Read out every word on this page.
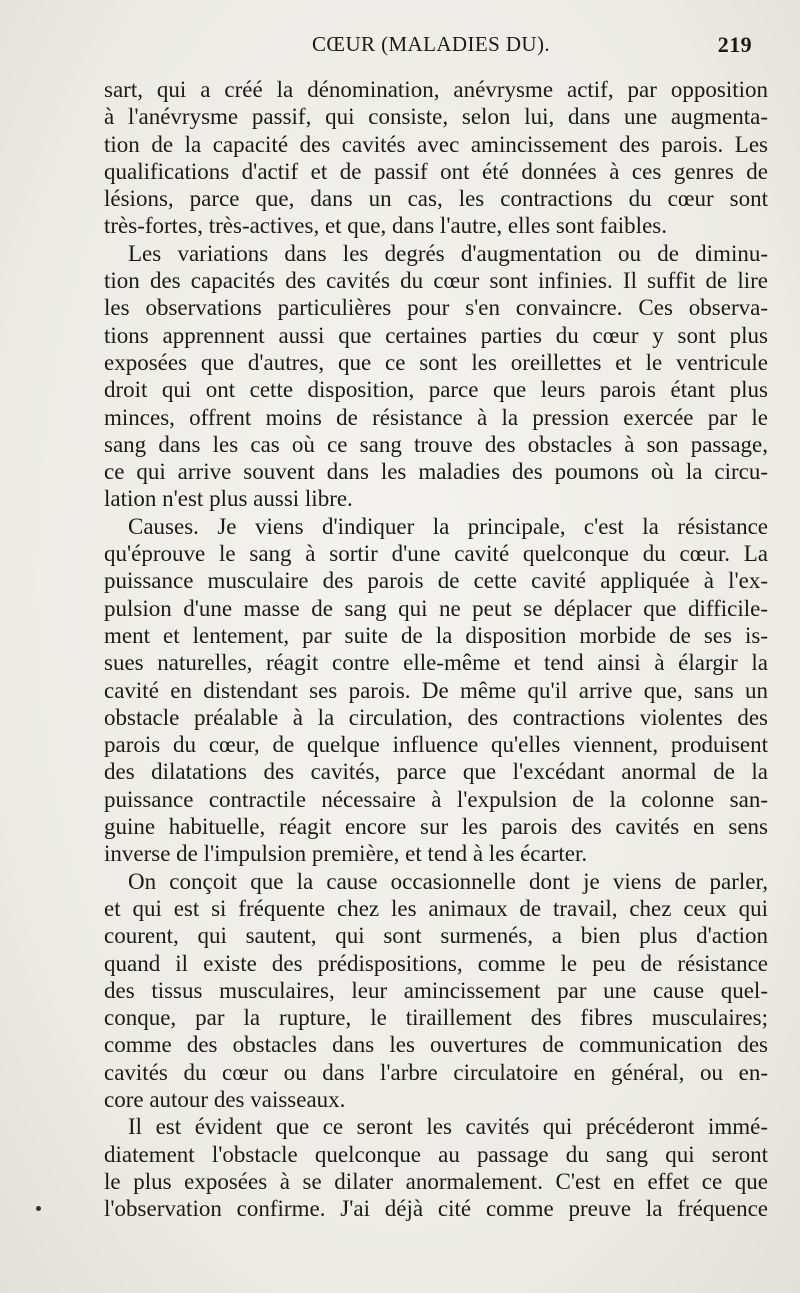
CŒUR (MALADIES DU).	219
sart, qui a créé la dénomination, anévrysme actif, par opposition
à l'anévrysme passif, qui consiste, selon lui, dans une augmenta-
tion de la capacité des cavités avec amincissement des parois. Les
qualifications d'actif et de passif ont été données à ces genres de
lésions, parce que, dans un cas, les contractions du cœur sont
très-fortes, très-actives, et que, dans l'autre, elles sont faibles.
Les variations dans les degrés d'augmentation ou de diminu-
tion des capacités des cavités du cœur sont infinies. Il suffit de lire
les observations particulières pour s'en convaincre. Ces observa-
tions apprennent aussi que certaines parties du cœur y sont plus
exposées que d'autres, que ce sont les oreillettes et le ventricule
droit qui ont cette disposition, parce que leurs parois étant plus
minces, offrent moins de résistance à la pression exercée par le
sang dans les cas où ce sang trouve des obstacles à son passage,
ce qui arrive souvent dans les maladies des poumons où la circu-
lation n'est plus aussi libre.
Causes. Je viens d'indiquer la principale, c'est la résistance
qu'éprouve le sang à sortir d'une cavité quelconque du cœur. La
puissance musculaire des parois de cette cavité appliquée à l'ex-
pulsion d'une masse de sang qui ne peut se déplacer que difficile-
ment et lentement, par suite de la disposition morbide de ses is-
sues naturelles, réagit contre elle-même et tend ainsi à élargir la
cavité en distendant ses parois. De même qu'il arrive que, sans un
obstacle préalable à la circulation, des contractions violentes des
parois du cœur, de quelque influence qu'elles viennent, produisent
des dilatations des cavités, parce que l'excédant anormal de la
puissance contractile nécessaire à l'expulsion de la colonne san-
guine habituelle, réagit encore sur les parois des cavités en sens
inverse de l'impulsion première, et tend à les écarter.
On conçoit que la cause occasionnelle dont je viens de parler,
et qui est si fréquente chez les animaux de travail, chez ceux qui
courent, qui sautent, qui sont surmenés, a bien plus d'action
quand il existe des prédispositions, comme le peu de résistance
des tissus musculaires, leur amincissement par une cause quel-
conque, par la rupture, le tiraillement des fibres musculaires;
comme des obstacles dans les ouvertures de communication des
cavités du cœur ou dans l'arbre circulatoire en général, ou en-
core autour des vaisseaux.
Il est évident que ce seront les cavités qui précéderont immé-
diatement l'obstacle quelconque au passage du sang qui seront
le plus exposées à se dilater anormalement. C'est en effet ce que
l'observation confirme. J'ai déjà cité comme preuve la fréquence
